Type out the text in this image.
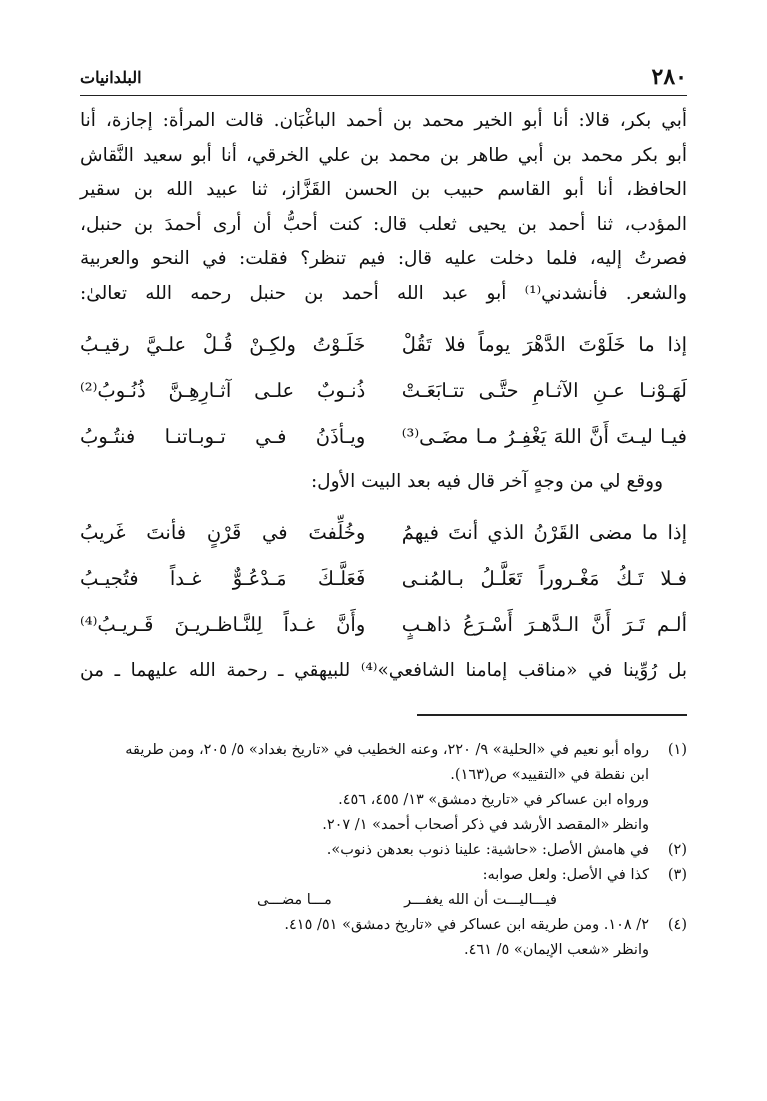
٢٨٠
البلدانيات
أبي بكر، قالا: أنا أبو الخير محمد بن أحمد الباغْبَان. قالت المرأة: إجازة، أنا
أبو بكر محمد بن أبي طاهر بن محمد بن علي الخرقي، أنا أبو سعيد النَّقاش
الحافظ، أنا أبو القاسم حبيب بن الحسن القَزَّاز، ثنا عبيد الله بن سقير
المؤدب، ثنا أحمد بن يحيى ثعلب قال: كنت أحبُّ أن أرى أحمدَ بن حنبل،
فصرتُ إليه، فلما دخلت عليه قال: فيم تنظر؟ فقلت: في النحو والعربية
والشعر. فأنشدني⁽¹⁾ أبو عبد الله أحمد بن حنبل رحمه الله تعالىٰ:
إذا ما خَلَوْتَ الدَّهْرَ يوماً فلا تَقُلْ
خَلَـوْتُ ولكِـنْ قُـلْ علـيَّ رقيـبُ
لَهَـوْنـا عـنِ الآثـامِ حتَّـى تتـابَعَـتْ
ذُنـوبٌ علـى آثـارِهِـنَّ ذُنُـوبُ⁽²⁾
فيـا ليـتَ أَنَّ اللهَ يَغْفِـرُ مـا مضَـى⁽³⁾
ويـأذَنُ فـي تـوبـاتنـا فنتُـوبُ
ووقع لي من وجهٍ آخر قال فيه بعد البيت الأول:
إذا ما مضى القَرْنُ الذي أنتَ فيهمُ
وخُلِّفتَ في قَرْنٍ فأنتَ غَريبُ
فـلا تَـكُ مَغْـروراً تَعَلَّـلُ بـالمُنـى
فَعَلَّـكَ مَـدْعُـوٌّ غـداً فتُجيـبُ
ألـم تَـرَ أَنَّ الـدَّهـرَ أَسْـرَعُ ذاهـبٍ
وأَنَّ غـداً لِلنَّـاظـريـنَ قَـريـبُ⁽⁴⁾
بل رُوِّينا في «مناقب إمامنا الشافعي»⁽⁴⁾ للبيهقي ـ رحمة الله عليهما ـ من
(١)
رواه أبو نعيم في «الحلية» ٩/ ٢٢٠، وعنه الخطيب في «تاريخ بغداد» ٥/ ٢٠٥، ومن طريقه
ابن نقطة في «التقييد» ص(١٦٣).
ورواه ابن عساكر في «تاريخ دمشق» ١٣/ ٤٥٥، ٤٥٦.
وانظر «المقصد الأرشد في ذكر أصحاب أحمد» ١/ ٢٠٧.
(٢)
في هامش الأصل: «حاشية: علينا ذنوب بعدهن ذنوب».
(٣)
كذا في الأصل: ولعل صوابه:
فيـــاليـــت أن الله يغفـــر
مـــا مضـــى
(٤)
٢/ ١٠٨. ومن طريقه ابن عساكر في «تاريخ دمشق» ٥١/ ٤١٥.
وانظر «شعب الإيمان» ٥/ ٤٦١.
